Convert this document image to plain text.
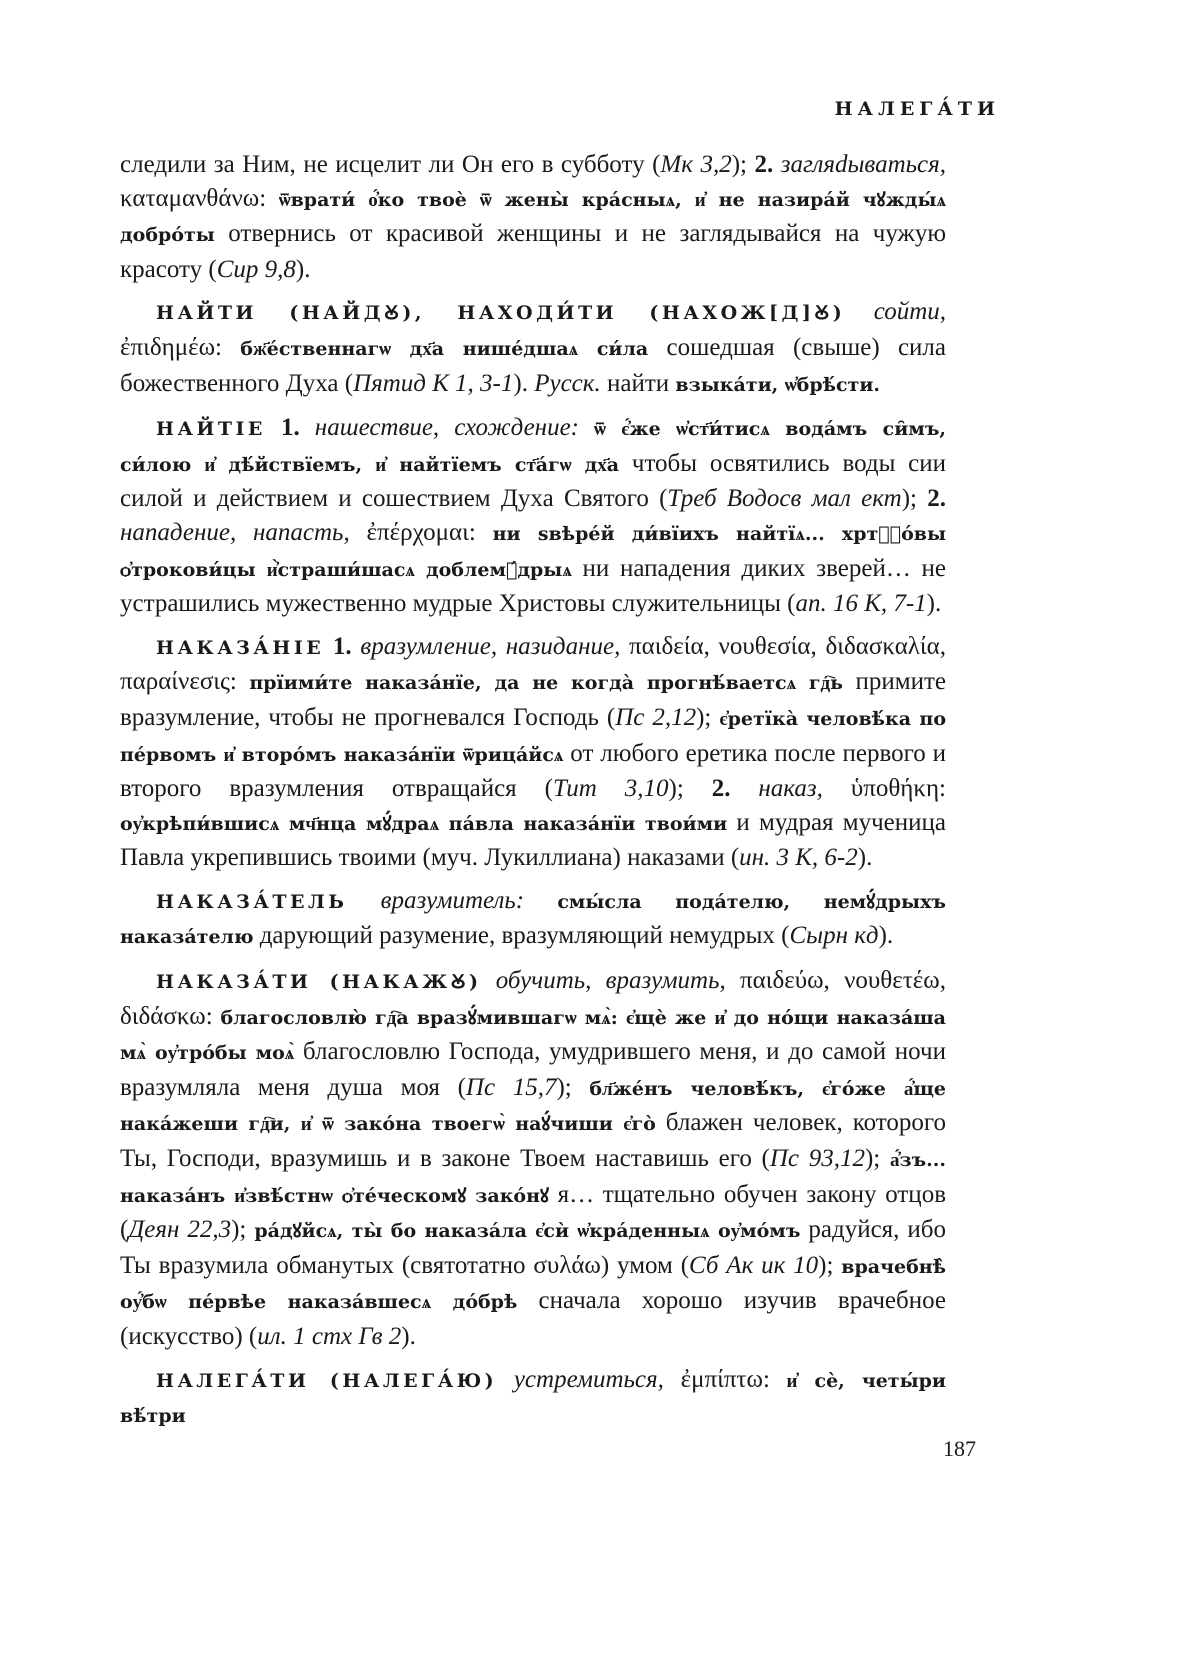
НАЛЕГА́ТИ

следили за Ним, не исцелит ли Он его в субботу (Мк 3,2); 2. загляdываться, καταμανθάνω: ѿврати́ о҆́ко твоѐ ѿ жены̀ кра́сныѧ, и҆ не назира́й чꙋжды́ѧ добро́ты отвернись от красивой женщины и не заглядывайся на чужую красоту (Сир 9,8).

НАЙТИ (НАЙДꙊ), НАХОДИ́ТИ (НАХОЖ[Д]Ꙋ) сойти, ἐπιδημέω: бж҃е́ственнагѡ дх҃а нише́дшаѧ си́ла сошедшая (свыше) сила божественного Духа (Пятид К 1, 3-1). Русск. найти взыка́ти, ѡ҆брѣ́сти.

НАЙТІЕ 1. нашествие, схождение: ѿ є҆́же ѡ҆ст҃и́тисѧ вода́мъ си̑мъ, си́лою и҆ дѣ́йствїемъ, и҆ найтїемъ ст҃а́гѡ дх҃а чтобы освятились воды сии силой и действием и сошествием Духа Святого (Треб Водосв мал ект); 2. нападение, напасть, ἐπέρχομαι: ни ѕвѣре́й ди́вїихъ найтїѧ... хртⷭ҇о́вы ѻ҆трокови́цы и҆̀страши́шасѧ доблемꙋ́дрыѧ ни нападения диких зверей… не устрашились мужественно мудрые Христовы служительницы (ап. 16 К, 7-1).

НАКАЗА́НІЕ 1. вразумление, назидание, παιδεία, νουθεσία, διδασκαλία, παραίνεσις: прїими́те наказа́нїе, да не когда̀ прогнѣ́ваетсѧ гд҇ь примите вразумление, чтобы не прогневался Господь (Пс 2,12); є҆ретїка̀ человѣ́ка по пе́рвомъ и҆ второ́мъ наказа́нїи ѿрица́йсѧ от любого еретика после первого и второго вразумления отвращайся (Тит 3,10); 2. наказ, ὑποθήκη: оу҆крѣпи́вшисѧ мч҃нца мꙋ́драѧ па́вла наказа́нїи твои́ми и мудрая мученица Павла укрепившись твоими (муч. Лукиллиана) наказами (ин. 3 К, 6-2).

НАКАЗА́ТЕЛЬ вразумитель: смы́сла пода́телю, немꙋ́дрыхъ наказа́телю дарующий разумение, вразумляющий немудрых (Сырн кд).

НАКАЗА́ТИ (НАКАЖꙊ) обучить, вразумить, παιδεύω, νουθετέω, διδάσκω: благословлю̀ гд҇а вразꙋ́мившагѡ мѧ̀: є҆щѐ же и҆ до но́щи наказа́ша мѧ̀ оу҆тро́бы моѧ̀ благословлю Господа, умудрившего меня, и до самой ночи вразумляла меня душа моя (Пс 15,7); бл҃же́нъ человѣ́къ, є҆го́же а҆́ще нака́жеши гд҇и, и҆ ѿ зако́на твоегѡ̀ наꙋ́чиши є҆го̀ блажен человек, которого Ты, Господи, вразумишь и в законе Твоем наставишь его (Пс 93,12); а҆́зъ... наказа́нъ и҆звѣ́стнѡ ѻ҆те́ческомꙋ зако́нꙋ я… тщательно обучен закону отцов (Деян 22,3); ра́дꙋйсѧ, ты̀ бо наказа́ла є҆сѝ ѡ҆кра́денныѧ оу҆мо́мъ радуйся, ибо Ты вразумила обманутых (святотатно συλάω) умом (Сб Ак ик 10); врачебнѣ̀ оу҆́бѡ пе́рвѣе наказа́вшесѧ до́брѣ сначала хорошо изучив врачебное (искусство) (ил. 1 стх Гв 2).

НАЛЕГА́ТИ (НАЛЕГА́Ю) устремиться, ἐμπίπτω: и҆ сѐ, четы́ри вѣ́три

187
